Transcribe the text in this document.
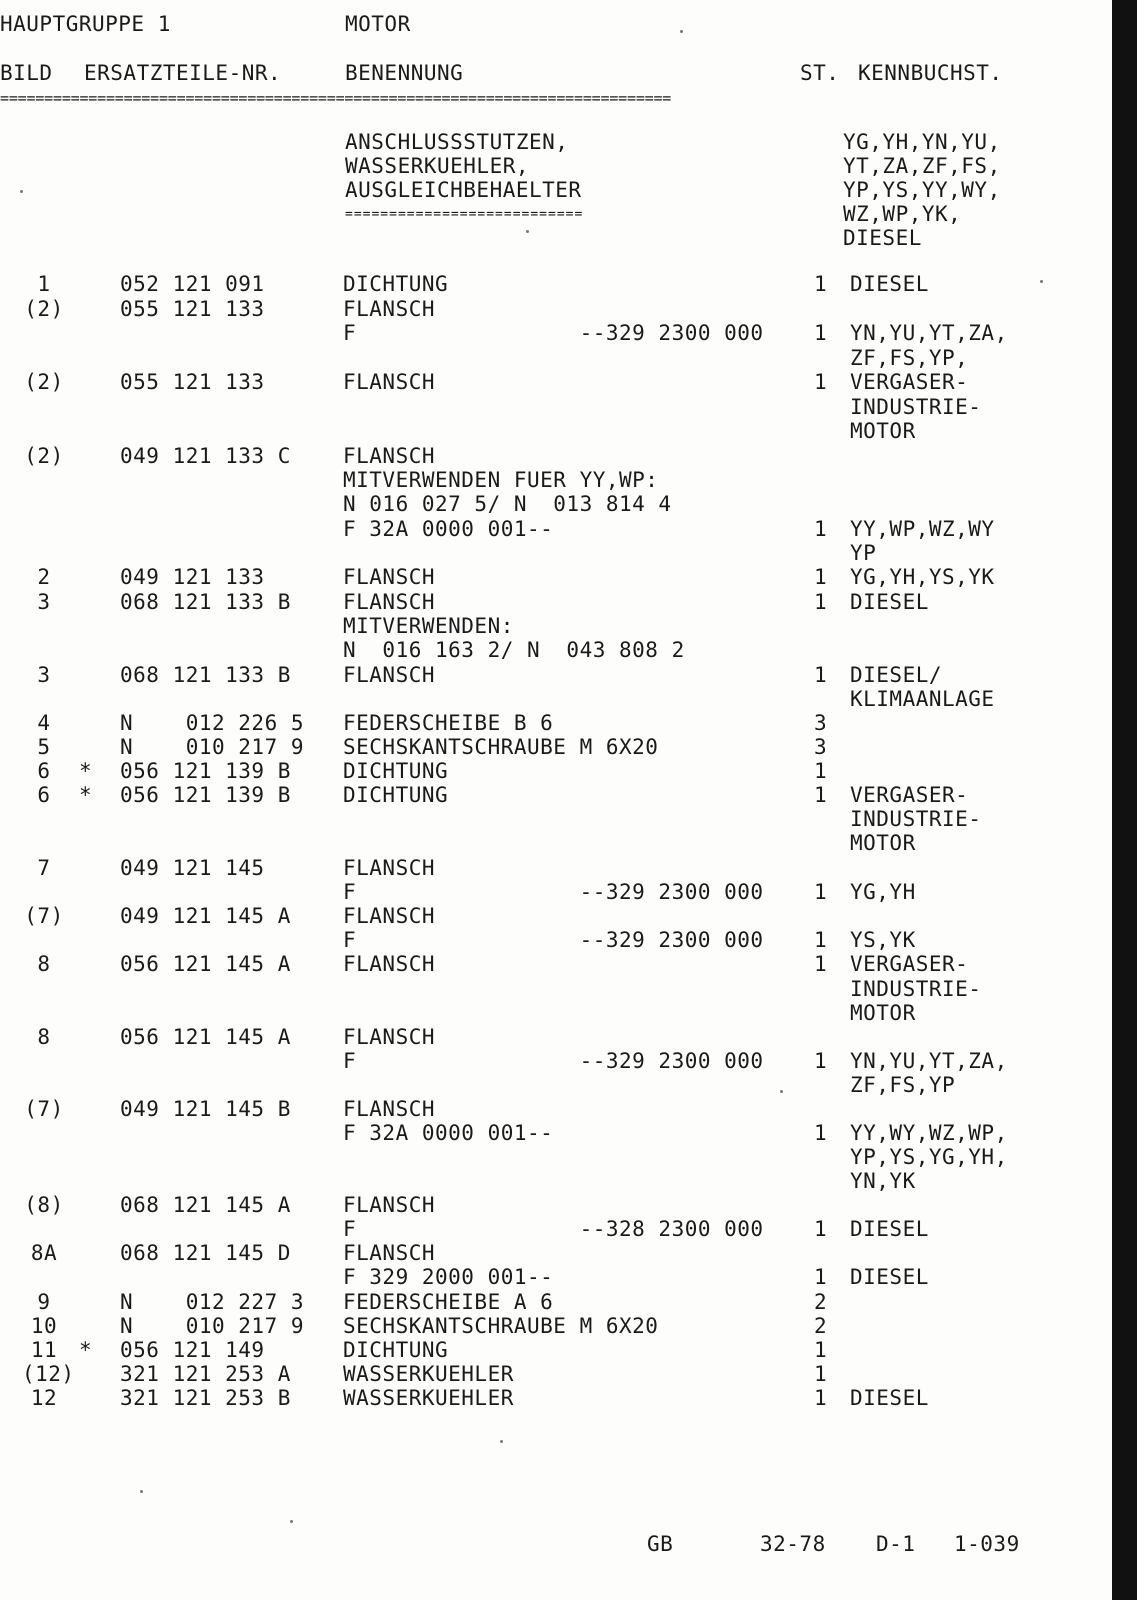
HAUPTGRUPPE 1	MOTOR
BILD ERSATZTEILE-NR.	BENENNUNG	ST. KENNBUCHST.
============================================================================
ANSCHLUSSSTUTZEN,
WASSERKUEHLER,
AUSGLEICHBEHAELTER
===========================
YG,YH,YN,YU,
YT,ZA,ZF,FS,
YP,YS,YY,WY,
WZ,WP,YK,
DIESEL
1	052 121 091	DICHTUNG	1 DIESEL
(2)	055 121 133	FLANSCH
F                 --329 2300 000 1 YN,YU,YT,ZA,
ZF,FS,YP,
(2)	055 121 133	FLANSCH	1 VERGASER-
INDUSTRIE-
MOTOR
(2)	049 121 133 C FLANSCH
MITVERWENDEN FUER YY,WP:
N 016 027 5/ N  013 814 4
F 32A 0000 001--	1 YY,WP,WZ,WY
YP
2	049 121 133	FLANSCH	1 YG,YH,YS,YK
3	068 121 133 B FLANSCH	1 DIESEL
MITVERWENDEN:
N  016 163 2/ N  043 808 2
3	068 121 133 B FLANSCH	1 DIESEL/
KLIMAANLAGE
4	N    012 226 5 FEDERSCHEIBE B 6	3
5	N    010 217 9 SECHSKANTSCHRAUBE M 6X20	3
6	* 056 121 139 B DICHTUNG	1
6	* 056 121 139 B DICHTUNG	1 VERGASER-
INDUSTRIE-
MOTOR
7	049 121 145	FLANSCH
F                 --329 2300 000 1 YG,YH
(7)	049 121 145 A FLANSCH
F                 --329 2300 000 1 YS,YK
8	056 121 145 A FLANSCH	1 VERGASER-
INDUSTRIE-
MOTOR
8	056 121 145 A FLANSCH
F                 --329 2300 000 1 YN,YU,YT,ZA,
ZF,FS,YP
(7)	049 121 145 B FLANSCH
F 32A 0000 001--	1 YY,WY,WZ,WP,
YP,YS,YG,YH,
YN,YK
(8)	068 121 145 A FLANSCH
F                 --328 2300 000 1 DIESEL
8A	068 121 145 D FLANSCH
F 329 2000 001--	1 DIESEL
9	N    012 227 3 FEDERSCHEIBE A 6	2
10	N    010 217 9 SECHSKANTSCHRAUBE M 6X20	2
11	* 056 121 149	DICHTUNG	1
(12) 321 121 253 A WASSERKUEHLER	1
12	321 121 253 B WASSERKUEHLER	1 DIESEL
GB	32-78 D-1 1-039
